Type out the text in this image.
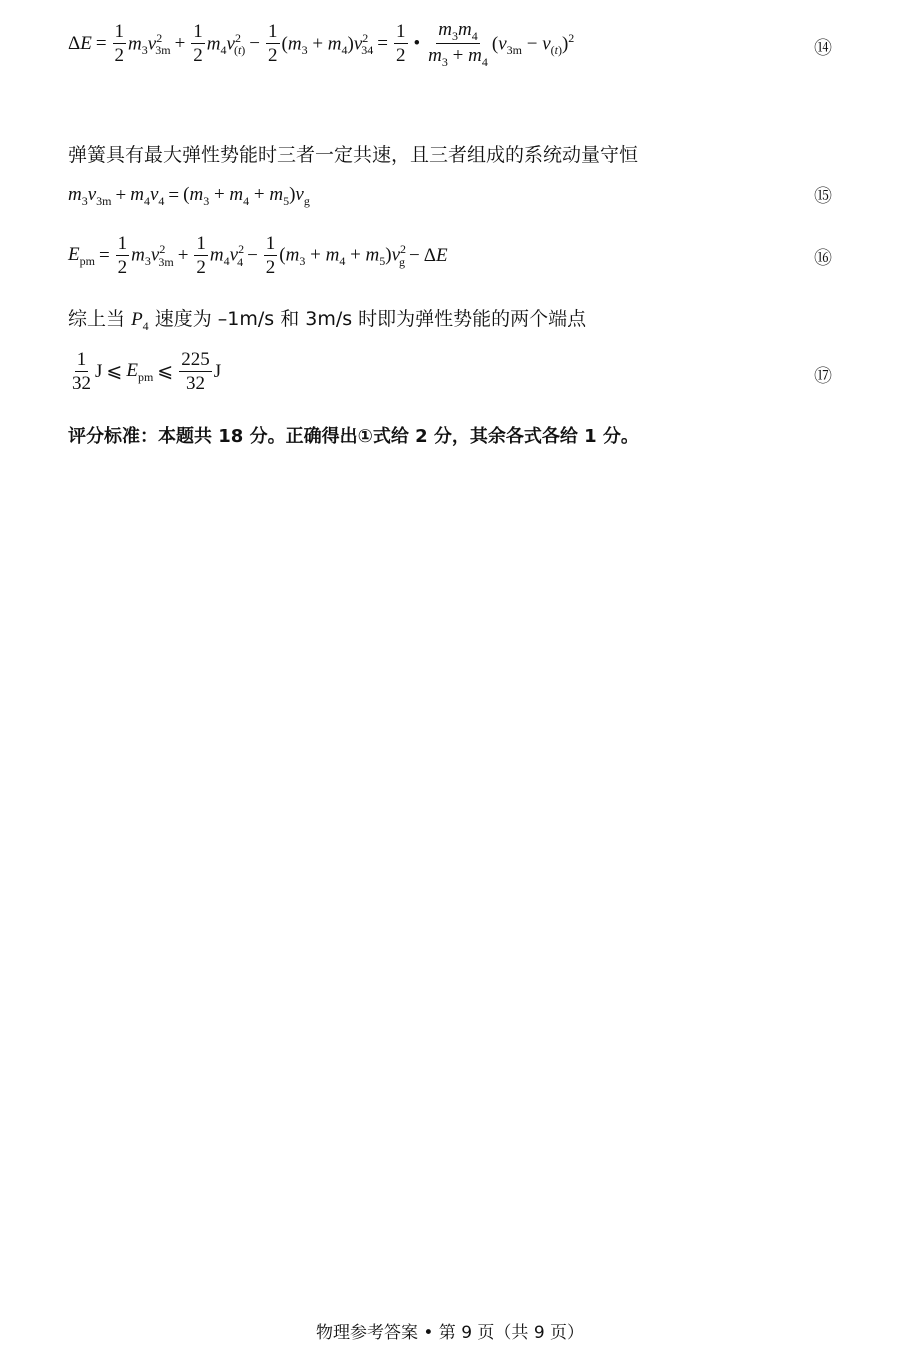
$\Delta E = \frac{1}{2} m_3v^2_{3m} + \frac{1}{2} m_4v^2_{(t)} - \frac{1}{2} (m_3 + m_4)v^2_{34} = \frac{1}{2}$ • $\frac{m_3m_4}{m_3 + m_4} (v_{3m} - v_{(t)})^2$
⑭
弹簧具有最大弹性势能时三者一定共速，且三者组成的系统动量守恒
$m_3v_{3m} + m_4v_4 = (m_3 + m_4 + m_5)v_g$	⑮
$E_{pm} = \frac{1}{2} m_3v^2_{3m} + \frac{1}{2} m_4v^2_4 - \frac{1}{2} (m_3 + m_4 + m_5)v^2_g - \Delta E$	⑯
综上当 $P_4$ 速度为 –1m/s 和 3m/s 时即为弹性势能的两个端点
$\frac{1}{32}$ J ⩽ $E_{pm}$ ⩽ $\frac{225}{32}$ J	⑰
评分标准：本题共 18 分。正确得出①式给 2 分，其余各式各给 1 分。
物理参考答案 • 第 9 页（共 9 页）
